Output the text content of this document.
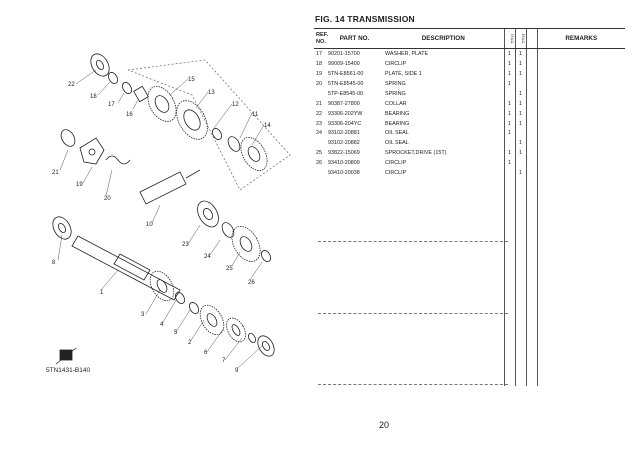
1
2
3
4
5
6
7
8
9
10
11
12
13
14
15
16
17
18
19
20
21
22
23
24
25
26
5TN1431-B140
FIG. 14 TRANSMISSION
REF.
NO.	PART NO.	DESCRIPTION	5TN1	5TN3		REMARKS
17	90201-15700	WASHER, PLATE	1	1		
18	99009-15400	CIRCLIP	1	1		
19	5TN-E8561-00	PLATE, SIDE 1	1	1		
20	5TN-E8545-00	SPRING	1			
	5TP-E8545-00	SPRING		1		
21	90387-27800	COLLAR	1	1		
22	93306-202YW	BEARING	1	1		
23	93306-204YC	BEARING	1	1		
24	93102-20881	OIL SEAL	1			
	93102-20882	OIL SEAL		1		
25	93822-15069	SPROCKET,DRIVE (15T)	1	1		
26	93410-20809	CIRCLIP	1			
	93410-20038	CIRCLIP		1		

20
